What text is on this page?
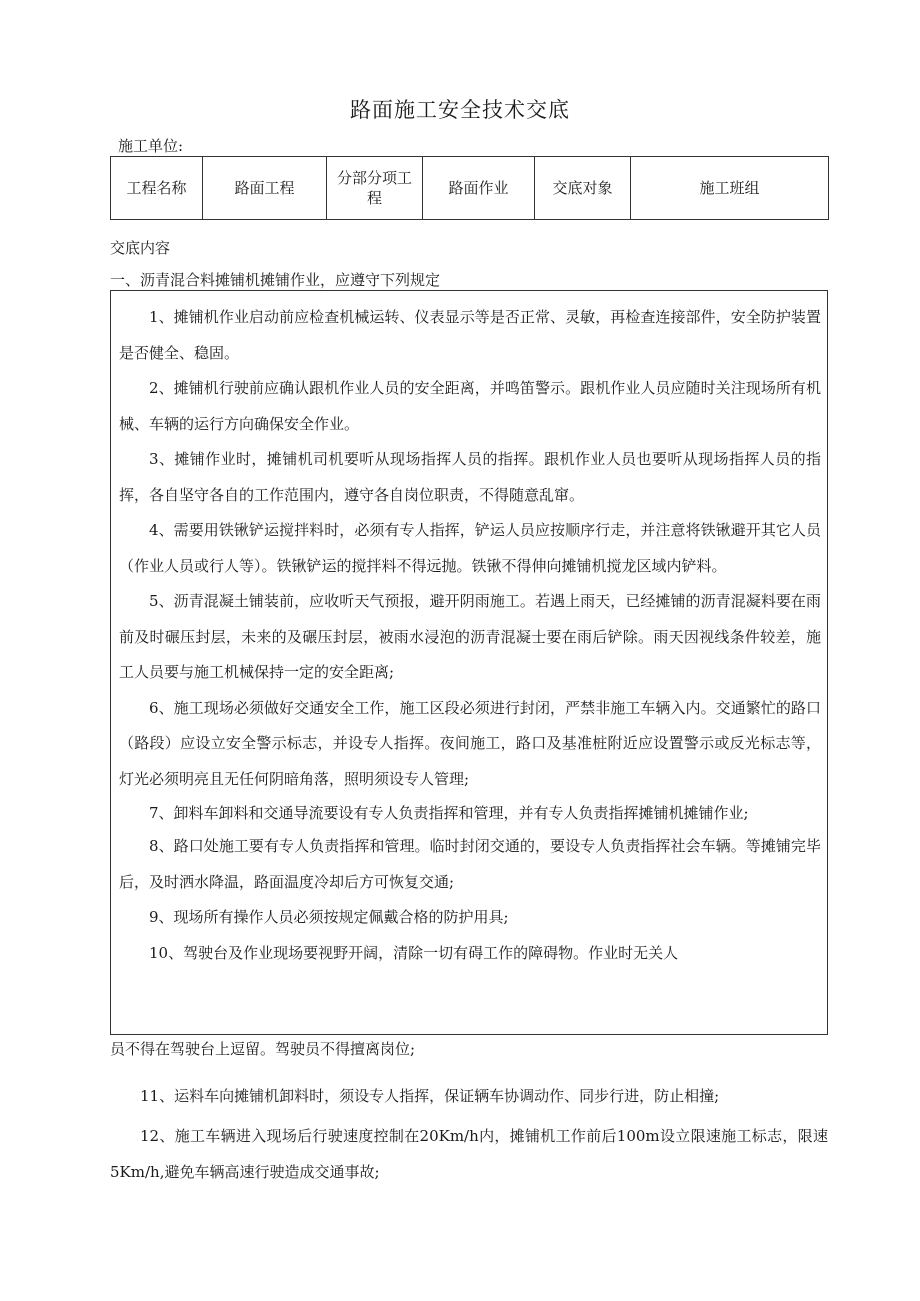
路面施工安全技术交底
施工单位:
工程名称	路面工程	分部分项工程	路面作业	交底对象	施工班组
交底内容
一、沥青混合料摊铺机摊铺作业，应遵守下列规定

1、摊铺机作业启动前应检查机械运转、仪表显示等是否正常、灵敏，再检查连接部件，安全防护装置是否健全、稳固。

2、摊铺机行驶前应确认跟机作业人员的安全距离，并鸣笛警示。跟机作业人员应随时关注现场所有机械、车辆的运行方向确保安全作业。

3、摊铺作业时，摊铺机司机要听从现场指挥人员的指挥。跟机作业人员也要听从现场指挥人员的指挥，各自坚守各自的工作范围内，遵守各自岗位职责，不得随意乱窜。

4、需要用铁锹铲运搅拌料时，必须有专人指挥，铲运人员应按顺序行走，并注意将铁锹避开其它人员（作业人员或行人等）。铁锹铲运的搅拌料不得远抛。铁锹不得伸向摊铺机搅龙区域内铲料。

5、沥青混凝土铺装前，应收听天气预报，避开阴雨施工。若遇上雨天，已经摊铺的沥青混凝料要在雨前及时碾压封层，未来的及碾压封层，被雨水浸泡的沥青混凝士要在雨后铲除。雨天因视线条件较差，施工人员要与施工机械保持一定的安全距离;

6、施工现场必须做好交通安全工作，施工区段必须进行封闭，严禁非施工车辆入内。交通繁忙的路口（路段）应设立安全警示标志，并设专人指挥。夜间施工，路口及基准桩附近应设置警示或反光标志等，灯光必须明亮且无任何阴暗角落，照明须设专人管理;

7、卸料车卸料和交通导流要设有专人负责指挥和管理，并有专人负责指挥摊铺机摊铺作业;

8、路口处施工要有专人负责指挥和管理。临时封闭交通的，要设专人负责指挥社会车辆。等摊铺完毕后，及时洒水降温，路面温度冷却后方可恢复交通;

9、现场所有操作人员必须按规定佩戴合格的防护用具;

10、驾驶台及作业现场要视野开阔，清除一切有碍工作的障碍物。作业时无关人

员不得在驾驶台上逗留。驾驶员不得擅离岗位;

11、运料车向摊铺机卸料时，须设专人指挥，保证辆车协调动作、同步行进，防止相撞;

12、施工车辆进入现场后行驶速度控制在20Km/h内，摊铺机工作前后100m设立限速施工标志，限速5Km/h,避免车辆高速行驶造成交通事故;
